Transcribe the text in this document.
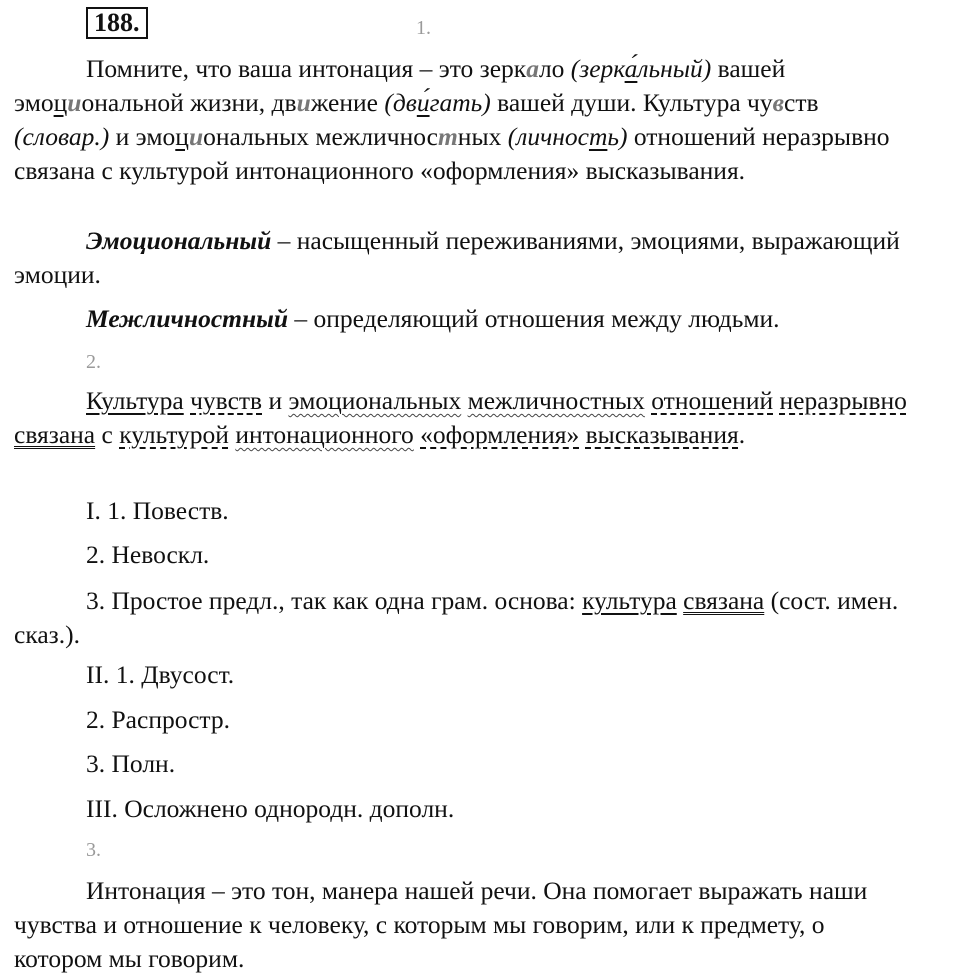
188.	1.

Помните, что ваша интонация – это зеркало (зерка́льный) вашей эмоциональной жизни, движение (дви́гать) вашей души. Культура чувств (словар.) и эмоциональных межличностных (личность) отношений неразрывно связана с культурой интонационного «оформления» высказывания.

Эмоциональный – насыщенный переживаниями, эмоциями, выражающий эмоции.

Межличностный – определяющий отношения между людьми.

2.

Культура чувств и эмоциональных межличностных отношений неразрывно связана с культурой интонационного «оформления» высказывания.

I. 1. Повеств.

2. Невоскл.

3. Простое предл., так как одна грам. основа: культура связана (сост. имен. сказ.).

II. 1. Двусост.

2. Распростр.

3. Полн.

III. Осложнено однородн. дополн.

3.

Интонация – это тон, манера нашей речи. Она помогает выражать наши чувства и отношение к человеку, с которым мы говорим, или к предмету, о котором мы говорим.
